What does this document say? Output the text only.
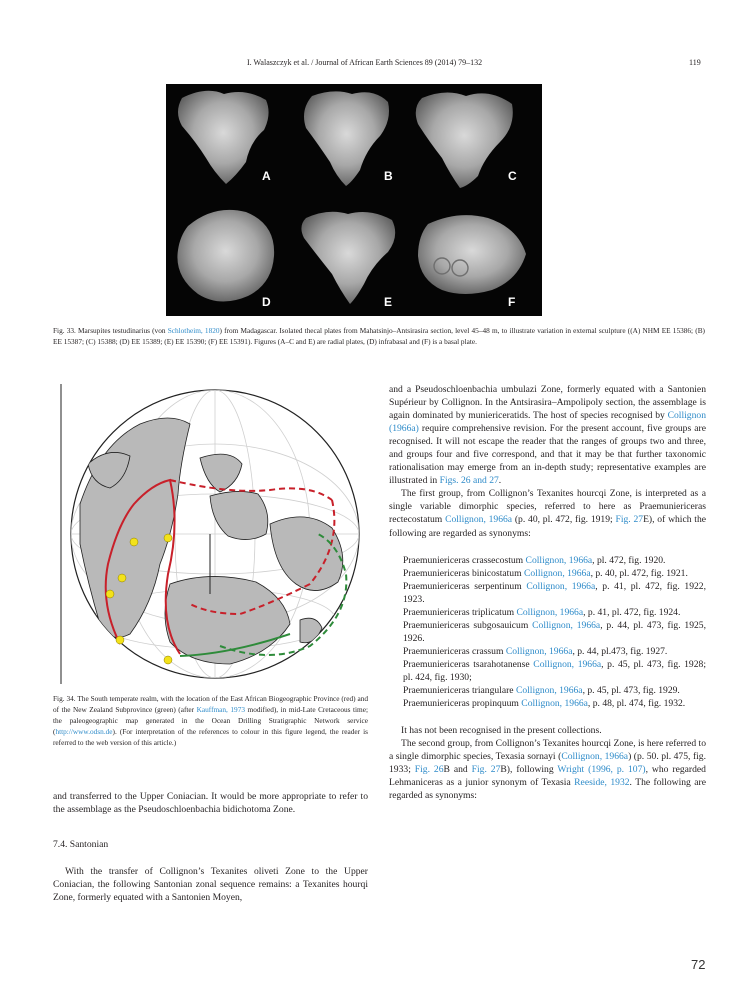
I. Walaszczyk et al. / Journal of African Earth Sciences 89 (2014) 79–132	119
A	B	C
D	E	F
Fig. 33. Marsupites testudinarius (von Schlotheim, 1820) from Madagascar. Isolated thecal plates from Mahatsinjo–Antsirasira section, level 45–48 m, to illustrate variation in external sculpture ((A) NHM EE 15386; (B) EE 15387; (C) 15388; (D) EE 15389; (E) EE 15390; (F) EE 15391). Figures (A–C and E) are radial plates, (D) infrabasal and (F) is a basal plate.
Fig. 34. The South temperate realm, with the location of the East African Biogeographic Province (red) and of the New Zealand Subprovince (green) (after Kauffman, 1973 modified), in mid-Late Cretaceous time; the paleogeographic map generated in the Ocean Drilling Stratigraphic Network service (http://www.odsn.de). (For interpretation of the references to colour in this figure legend, the reader is referred to the web version of this article.)
and transferred to the Upper Coniacian. It would be more appropriate to refer to the assemblage as the Pseudoschloenbachia bidichotoma Zone.
7.4. Santonian
With the transfer of Collignon’s Texanites oliveti Zone to the Upper Coniacian, the following Santonian zonal sequence remains: a Texanites hourqi Zone, formerly equated with a Santonien Moyen,
and a Pseudoschloenbachia umbulazi Zone, formerly equated with a Santonien Supérieur by Collignon. In the Antsirasira–Ampolipoly section, the assemblage is again dominated by muniericeratids. The host of species recognised by Collignon (1966a) require comprehensive revision. For the present account, five groups are recognised. It will not escape the reader that the ranges of groups two and three, and groups four and five correspond, and that it may be that further taxonomic rationalisation may emerge from an in-depth study; representative examples are illustrated in Figs. 26 and 27.
The first group, from Collignon’s Texanites hourcqi Zone, is interpreted as a single variable dimorphic species, referred to here as Praemuniericeras rectecostatum Collignon, 1966a (p. 40, pl. 472, fig. 1919; Fig. 27E), of which the following are regarded as synonyms:
Praemuniericeras crassecostum Collignon, 1966a, pl. 472, fig. 1920.
Praemuniericeras binicostatum Collignon, 1966a, p. 40, pl. 472, fig. 1921.
Praemuniericeras serpentinum Collignon, 1966a, p. 41, pl. 472, fig. 1922, 1923.
Praemuniericeras triplicatum Collignon, 1966a, p. 41, pl. 472, fig. 1924.
Praemuniericeras subgosauicum Collignon, 1966a, p. 44, pl. 473, fig. 1925, 1926.
Praemuniericeras crassum Collignon, 1966a, p. 44, pl.473, fig. 1927.
Praemuniericeras tsarahotanense Collignon, 1966a, p. 45, pl. 473, fig. 1928; pl. 424, fig. 1930;
Praemuniericeras triangulare Collignon, 1966a, p. 45, pl. 473, fig. 1929.
Praemuniericeras propinquum Collignon, 1966a, p. 48, pl. 474, fig. 1932.
It has not been recognised in the present collections.
The second group, from Collignon’s Texanites hourcqi Zone, is here referred to a single dimorphic species, Texasia sornayi (Collignon, 1966a) (p. 50. pl. 475, fig. 1933; Fig. 26B and Fig. 27B), following Wright (1996, p. 107), who regarded Lehmaniceras as a junior synonym of Texasia Reeside, 1932. The following are regarded as synonyms:
72
